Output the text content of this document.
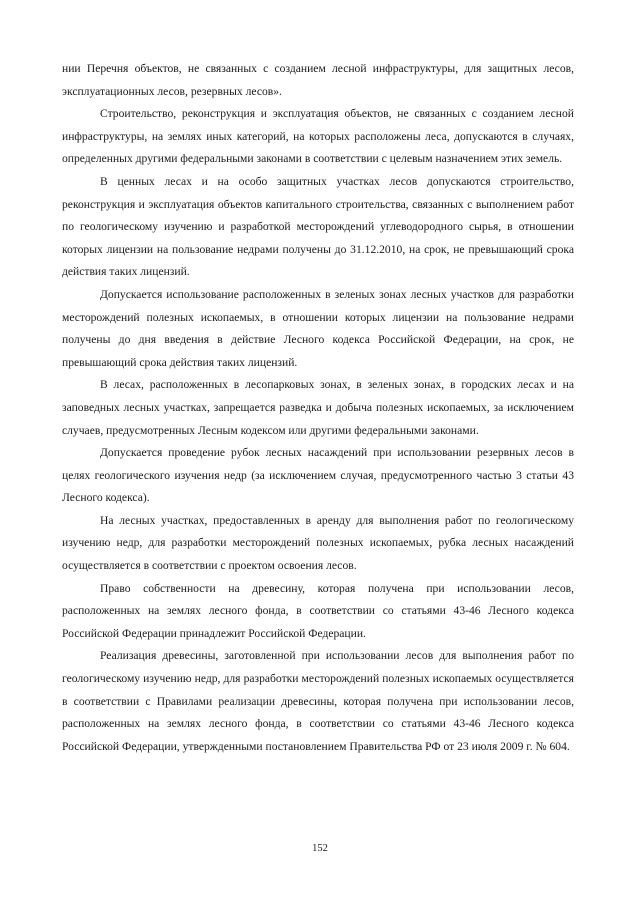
нии Перечня объектов, не связанных с созданием лесной инфраструктуры, для защитных лесов, эксплуатационных лесов, резервных лесов».

Строительство, реконструкция и эксплуатация объектов, не связанных с созданием лесной инфраструктуры, на землях иных категорий, на которых расположены леса, допускаются в случаях, определенных другими федеральными законами в соответствии с целевым назначением этих земель.

В ценных лесах и на особо защитных участках лесов допускаются строительство, реконструкция и эксплуатация объектов капитального строительства, связанных с выполнением работ по геологическому изучению и разработкой месторождений углеводородного сырья, в отношении которых лицензии на пользование недрами получены до 31.12.2010, на срок, не превышающий срока действия таких лицензий.

Допускается использование расположенных в зеленых зонах лесных участков для разработки месторождений полезных ископаемых, в отношении которых лицензии на пользование недрами получены до дня введения в действие Лесного кодекса Российской Федерации, на срок, не превышающий срока действия таких лицензий.

В лесах, расположенных в лесопарковых зонах, в зеленых зонах, в городских лесах и на заповедных лесных участках, запрещается разведка и добыча полезных ископаемых, за исключением случаев, предусмотренных Лесным кодексом или другими федеральными законами.

Допускается проведение рубок лесных насаждений при использовании резервных лесов в целях геологического изучения недр (за исключением случая, предусмотренного частью 3 статьи 43 Лесного кодекса).

На лесных участках, предоставленных в аренду для выполнения работ по геологическому изучению недр, для разработки месторождений полезных ископаемых, рубка лесных насаждений осуществляется в соответствии с проектом освоения лесов.

Право собственности на древесину, которая получена при использовании лесов, расположенных на землях лесного фонда, в соответствии со статьями 43-46 Лесного кодекса Российской Федерации принадлежит Российской Федерации.

Реализация древесины, заготовленной при использовании лесов для выполнения работ по геологическому изучению недр, для разработки месторождений полезных ископаемых осуществляется в соответствии с Правилами реализации древесины, которая получена при использовании лесов, расположенных на землях лесного фонда, в соответствии со статьями 43-46 Лесного кодекса Российской Федерации, утвержденными постановлением Правительства РФ от 23 июля 2009 г. № 604.

152
